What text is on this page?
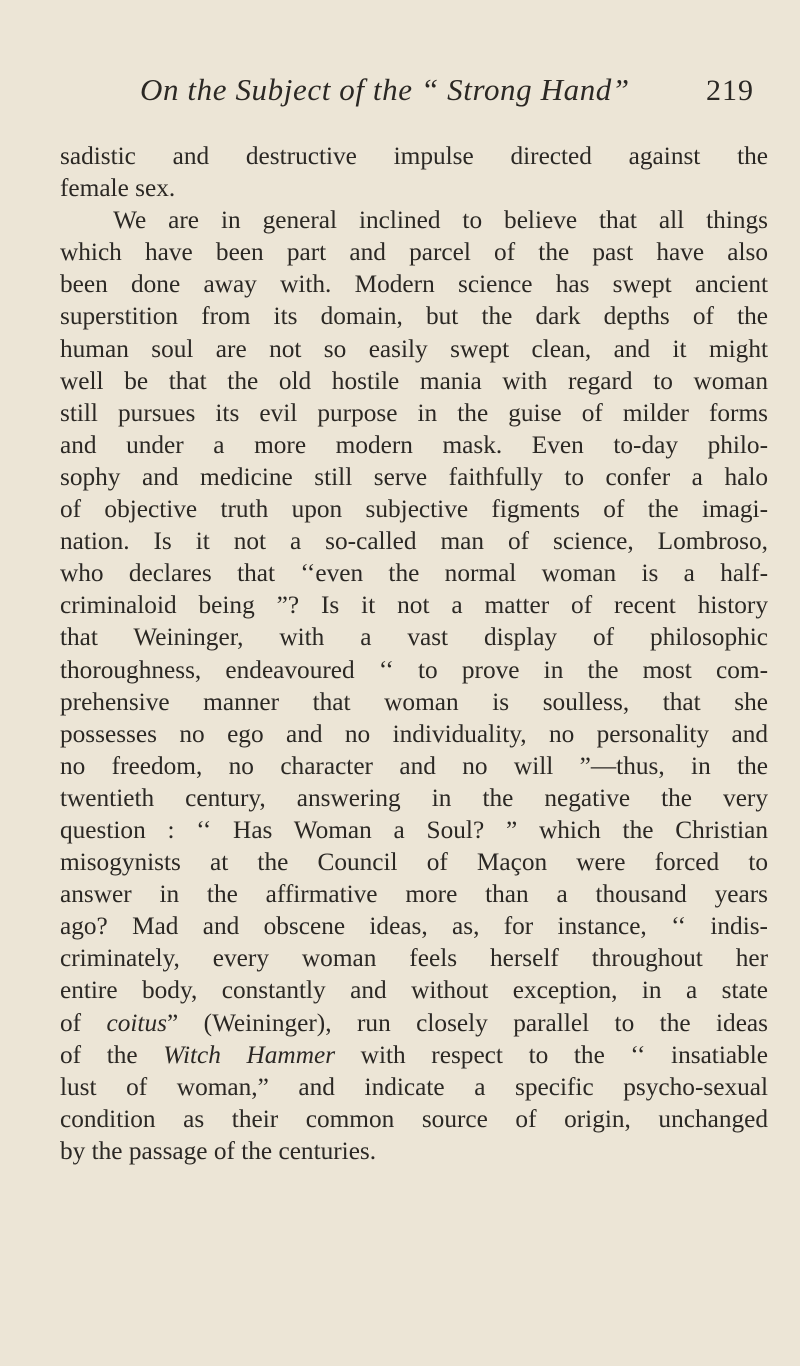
On the Subject of the “ Strong Hand”	219
sadistic and destructive impulse directed against the
female sex.
We are in general inclined to believe that all things
which have been part and parcel of the past have also
been done away with. Modern science has swept ancient
superstition from its domain, but the dark depths of the
human soul are not so easily swept clean, and it might
well be that the old hostile mania with regard to woman
still pursues its evil purpose in the guise of milder forms
and under a more modern mask. Even to-day philo-
sophy and medicine still serve faithfully to confer a halo
of objective truth upon subjective figments of the imagi-
nation. Is it not a so-called man of science, Lombroso,
who declares that ‘‘even the normal woman is a half-
criminaloid being ”? Is it not a matter of recent history
that Weininger, with a vast display of philosophic
thoroughness, endeavoured ‘‘ to prove in the most com-
prehensive manner that woman is soulless, that she
possesses no ego and no individuality, no personality and
no freedom, no character and no will ”—thus, in the
twentieth century, answering in the negative the very
question : ‘‘ Has Woman a Soul? ” which the Christian
misogynists at the Council of Maçon were forced to
answer in the affirmative more than a thousand years
ago? Mad and obscene ideas, as, for instance, ‘‘ indis-
criminately, every woman feels herself throughout her
entire body, constantly and without exception, in a state
of coitus” (Weininger), run closely parallel to the ideas
of the Witch Hammer with respect to the ‘‘ insatiable
lust of woman,” and indicate a specific psycho-sexual
condition as their common source of origin, unchanged
by the passage of the centuries.
